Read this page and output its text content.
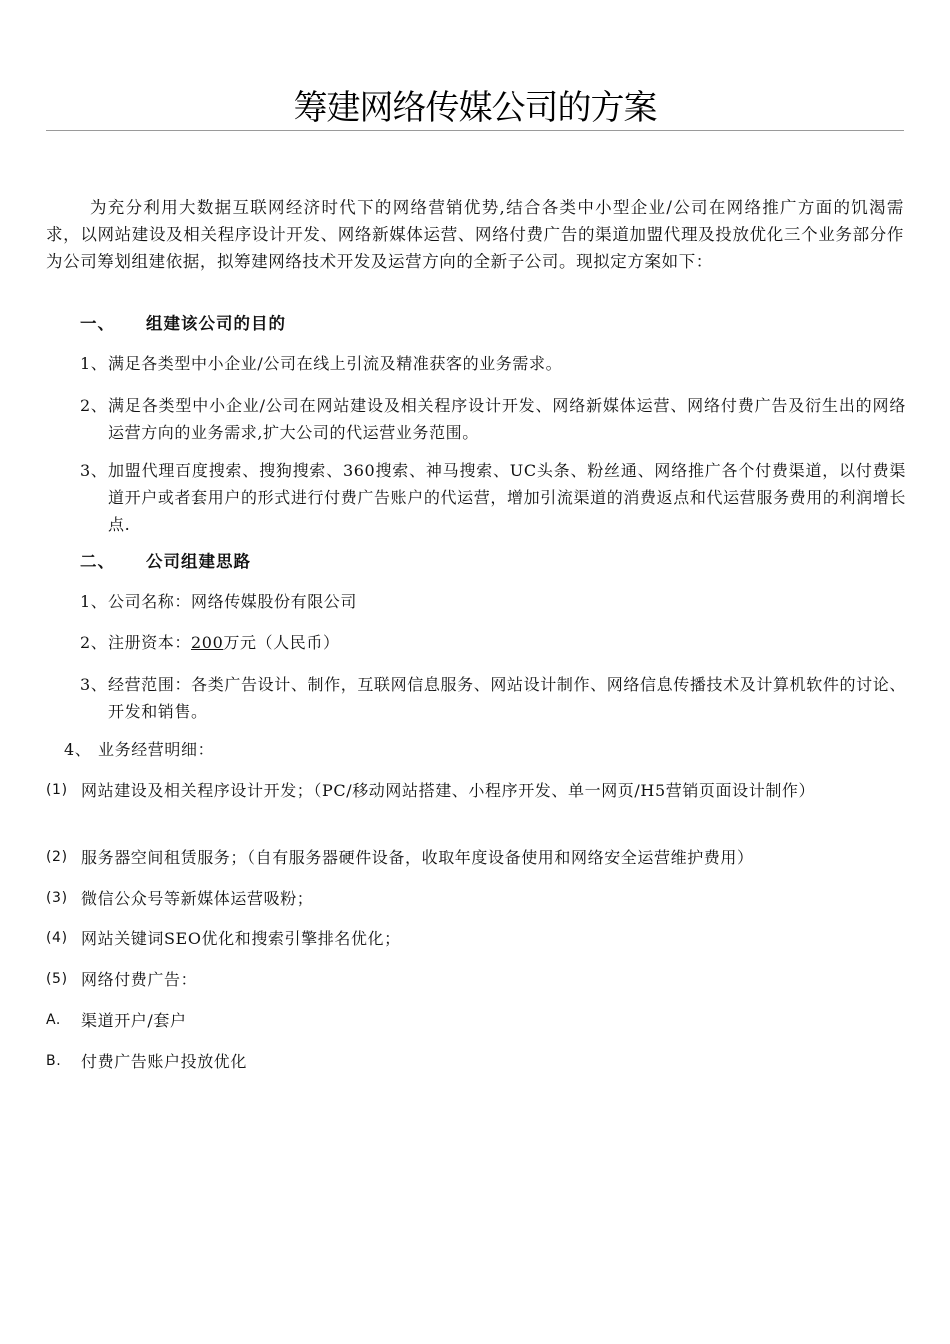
筹建网络传媒公司的方案
为充分利用大数据互联网经济时代下的网络营销优势,结合各类中小型企业/公司在网络推广方面的饥渴需求，以网站建设及相关程序设计开发、网络新媒体运营、网络付费广告的渠道加盟代理及投放优化三个业务部分作为公司筹划组建依据，拟筹建网络技术开发及运营方向的全新子公司。现拟定方案如下：
一、 组建该公司的目的
1、 满足各类型中小企业/公司在线上引流及精准获客的业务需求。
2、 满足各类型中小企业/公司在网站建设及相关程序设计开发、网络新媒体运营、网络付费广告及衍生出的网络运营方向的业务需求,扩大公司的代运营业务范围。
3、 加盟代理百度搜索、搜狗搜索、360搜索、神马搜索、UC头条、粉丝通、网络推广各个付费渠道，以付费渠道开户或者套用户的形式进行付费广告账户的代运营，增加引流渠道的消费返点和代运营服务费用的利润增长点.
二、 公司组建思路
1、 公司名称：网络传媒股份有限公司
2、 注册资本：200万元（人民币）
3、 经营范围：各类广告设计、制作，互联网信息服务、网站设计制作、网络信息传播技术及计算机软件的讨论、开发和销售。
4、 业务经营明细：
(1) 网站建设及相关程序设计开发；（PC/移动网站搭建、小程序开发、单一网页/H5营销页面设计制作）
(2) 服务器空间租赁服务；（自有服务器硬件设备，收取年度设备使用和网络安全运营维护费用）
(3) 微信公众号等新媒体运营吸粉；
(4) 网站关键词SEO优化和搜索引擎排名优化；
(5) 网络付费广告：
A. 渠道开户/套户
B. 付费广告账户投放优化
